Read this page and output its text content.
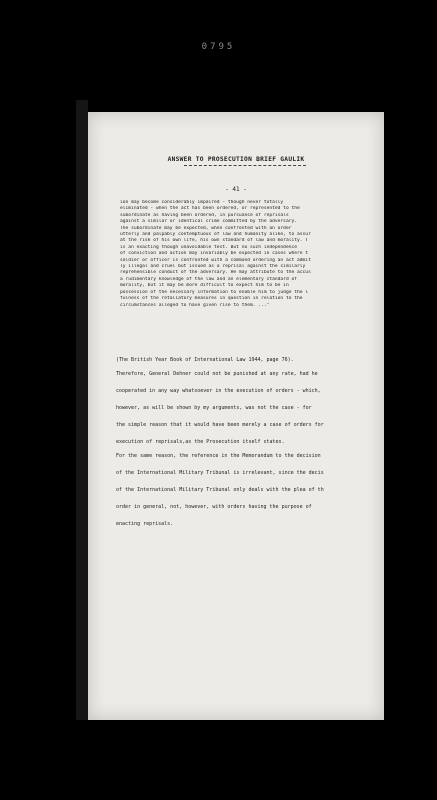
0795
ANSWER TO PROSECUTION BRIEF GAULIK
- 41 -
ion may become considerably impaired - though never totally
eliminated - when the act has been ordered, or represented to the
subordinate as having been ordered, in pursuance of reprisals
against a similar or identical crime committed by the adversary.
The subordinate may be expected, when confronted with an order
utterly and palpably contemptuous of law and humanity alike, to assur
at the risk of his own life, his own standard of law and morality. T
is an exacting though unavoidable test. But no such independence
of conviction and action may invariably be expected in cases where t
soldier or officer is confronted with a command ordering an act admit
ly illegal and cruel but issued as a reprisal against the similarly
reprehensible conduct of the adversary. He may attribute to the accus
a rudimentary knowledge of the law and an elementary standard of
morality, but it may be more difficult to expect him to be in
possession of the necessary information to enable him to judge the l
fulness of the retaliatory measures in question in relation to the
circumstances alleged to have given rise to them. ..."
(The British Year Book of International Law 1944, page 76).
Therefore, General Dehner could not be punished at any rate, had he
cooperated in any way whatsoever in the execution of orders - which,
however, as will be shown by my arguments, was not the case - for
the simple reason that it would have been merely a case of orders for
execution of reprisals,as the Prosecution itself states.
For the same reason, the reference in the Memorandum to the decision
of the International Military Tribunal is irrelevant, since the decis
of the International Military Tribunal only deals with the plea of th
order in general, not, however, with orders having the purpose of
enacting reprisals.
